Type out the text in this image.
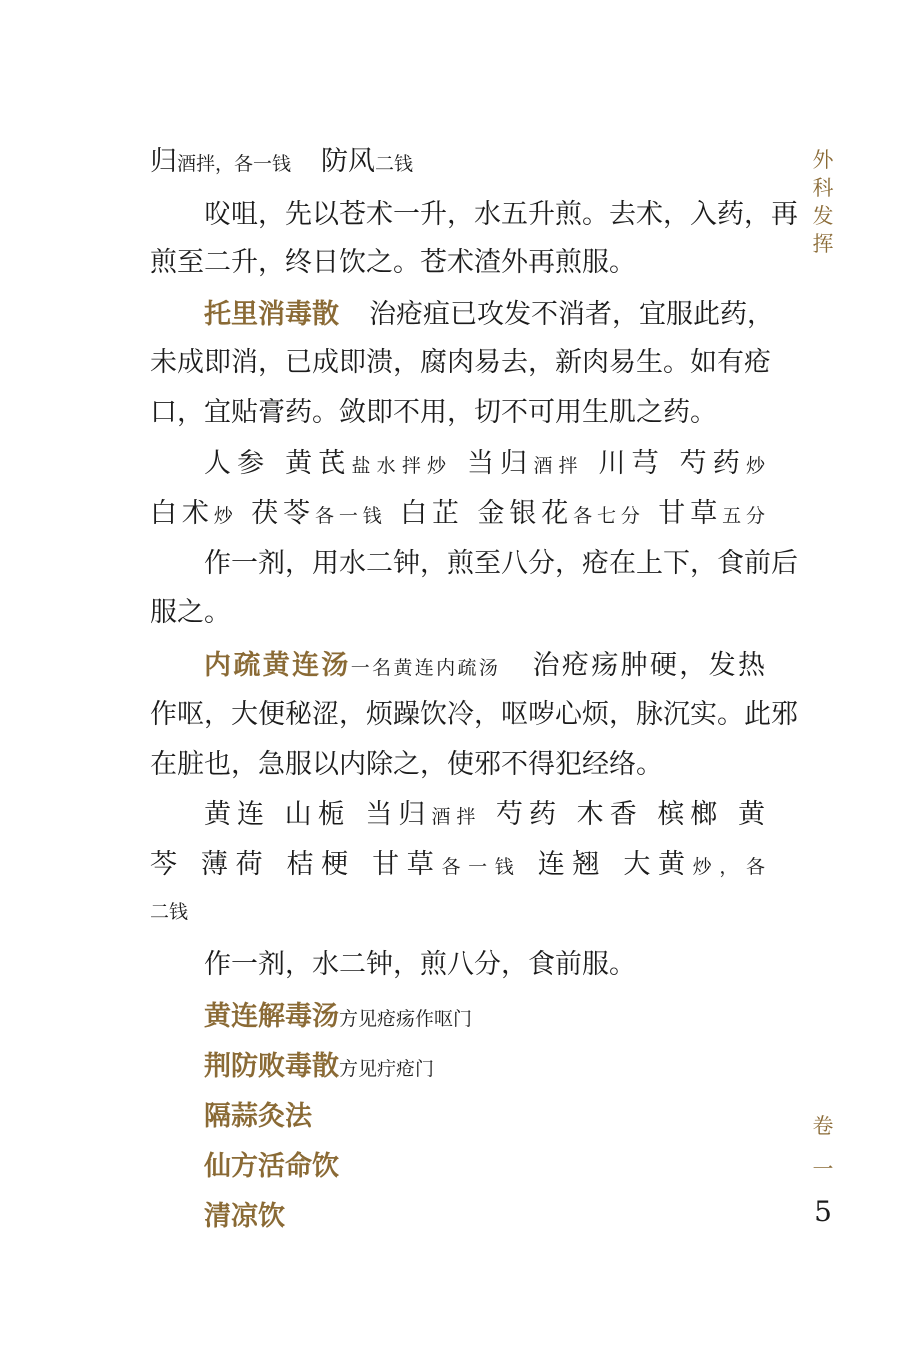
外
科
发
挥
卷
一
5
归酒拌，各一钱 防风二钱
㕮咀，先以苍术一升，水五升煎。去术，入药，再
煎至二升，终日饮之。苍术渣外再煎服。
托里消毒散 治疮疽已攻发不消者，宜服此药，
未成即消，已成即溃，腐肉易去，新肉易生。如有疮
口，宜贴膏药。敛即不用，切不可用生肌之药。
人参 黄芪盐水拌炒 当归酒拌 川芎 芍药炒
白术炒 茯苓各一钱 白芷 金银花各七分 甘草五分
作一剂，用水二钟，煎至八分，疮在上下，食前后
服之。
内疏黄连汤一名黄连内疏汤 治疮疡肿硬，发热
作呕，大便秘涩，烦躁饮冷，呕哕心烦，脉沉实。此邪
在脏也，急服以内除之，使邪不得犯经络。
黄连 山栀 当归酒拌 芍药 木香 槟榔 黄
芩 薄荷 桔梗 甘草各一钱 连翘 大黄炒，各
二钱
作一剂，水二钟，煎八分，食前服。
黄连解毒汤方见疮疡作呕门
荆防败毒散方见疔疮门
隔蒜灸法
仙方活命饮
清凉饮
